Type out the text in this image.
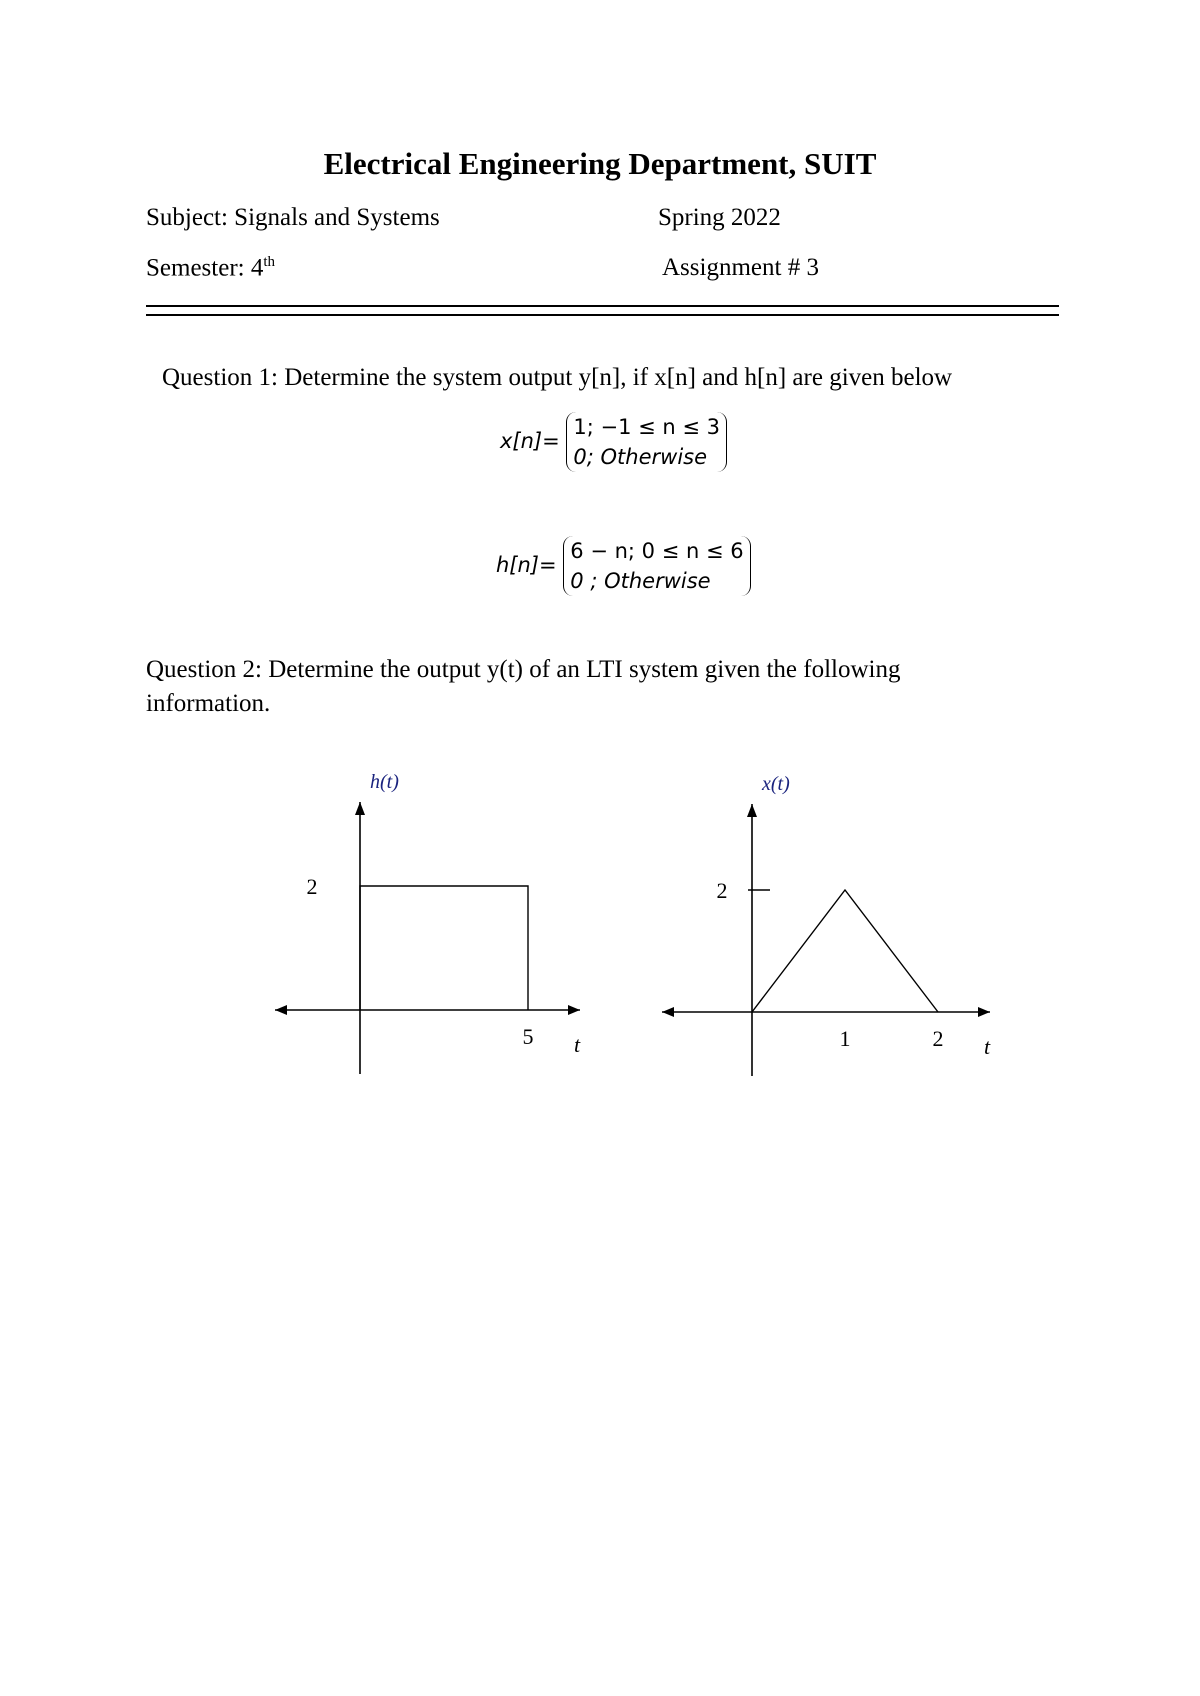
Electrical Engineering Department, SUIT
Subject: Signals and Systems	Spring 2022
Semester: 4th	Assignment # 3
Question 1: Determine the system output y[n], if x[n] and h[n] are given below
x[n]=
1; −1 ≤ n ≤ 3
0; Otherwise
h[n]=
6 − n; 0 ≤ n ≤ 6
0 ; Otherwise
Question 2: Determine the output y(t) of an LTI system given the following
information.
h(t)
t
5
2
x(t)
t
1	2
2
